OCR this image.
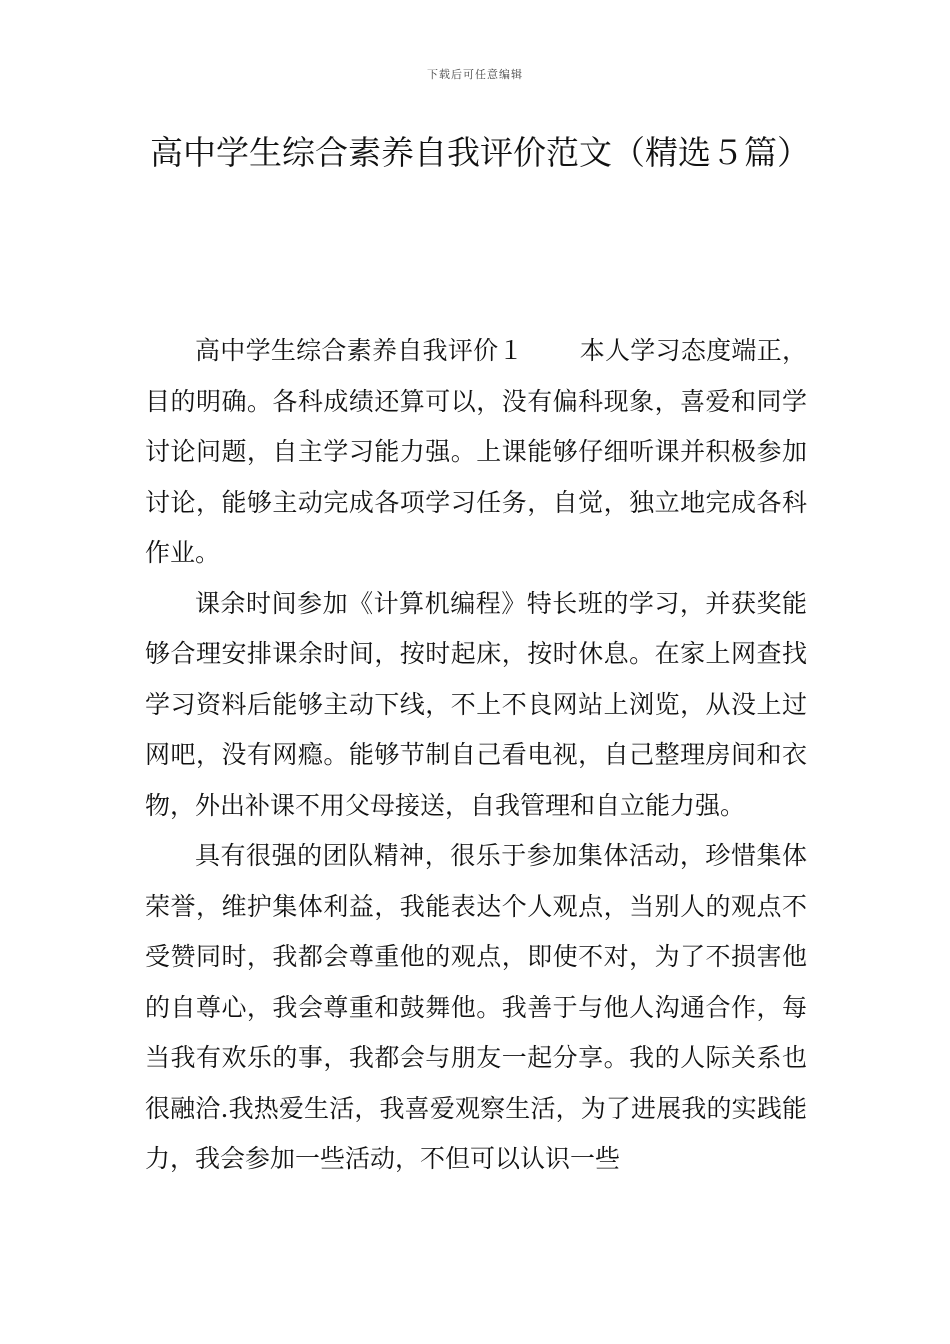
下载后可任意编辑
高中学生综合素养自我评价范文（精选５篇）

高中学生综合素养自我评价１ 本人学习态度端正，目的明确。各科成绩还算可以，没有偏科现象，喜爱和同学讨论问题，自主学习能力强。上课能够仔细听课并积极参加讨论，能够主动完成各项学习任务，自觉，独立地完成各科作业。

课余时间参加《计算机编程》特长班的学习，并获奖能够合理安排课余时间，按时起床，按时休息。在家上网查找学习资料后能够主动下线，不上不良网站上浏览，从没上过网吧，没有网瘾。能够节制自己看电视，自己整理房间和衣物，外出补课不用父母接送，自我管理和自立能力强。

具有很强的团队精神，很乐于参加集体活动，珍惜集体荣誉，维护集体利益，我能表达个人观点，当别人的观点不受赞同时，我都会尊重他的观点，即使不对，为了不损害他的自尊心，我会尊重和鼓舞他。我善于与他人沟通合作，每当我有欢乐的事，我都会与朋友一起分享。我的人际关系也很融洽.我热爱生活，我喜爱观察生活，为了进展我的实践能力，我会参加一些活动，不但可以认识一些
